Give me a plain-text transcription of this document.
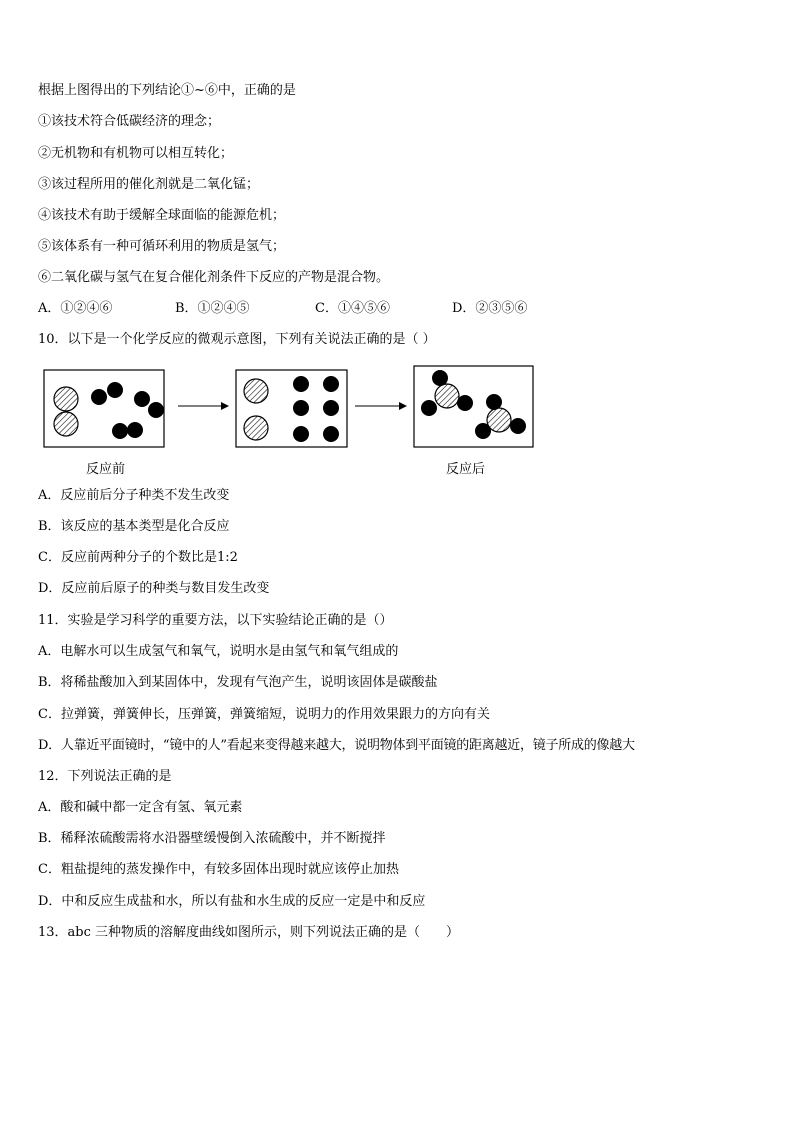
根据上图得出的下列结论①~⑥中，正确的是
①该技术符合低碳经济的理念；
②无机物和有机物可以相互转化；
③该过程所用的催化剂就是二氧化锰；
④该技术有助于缓解全球面临的能源危机；
⑤该体系有一种可循环利用的物质是氢气；
⑥二氧化碳与氢气在复合催化剂条件下反应的产物是混合物。
A．①②④⑥	B．①②④⑤	C．①④⑤⑥	D．②③⑤⑥
10．以下是一个化学反应的微观示意图，下列有关说法正确的是（ ）
反应前	反应后
A．反应前后分子种类不发生改变
B．该反应的基本类型是化合反应
C．反应前两种分子的个数比是1:2
D．反应前后原子的种类与数目发生改变
11．实验是学习科学的重要方法，以下实验结论正确的是（）
A．电解水可以生成氢气和氧气，说明水是由氢气和氧气组成的
B．将稀盐酸加入到某固体中，发现有气泡产生，说明该固体是碳酸盐
C．拉弹簧，弹簧伸长，压弹簧，弹簧缩短，说明力的作用效果跟力的方向有关
D．人靠近平面镜时，“镜中的人”看起来变得越来越大，说明物体到平面镜的距离越近，镜子所成的像越大
12．下列说法正确的是
A．酸和碱中都一定含有氢、氧元素
B．稀释浓硫酸需将水沿器壁缓慢倒入浓硫酸中，并不断搅拌
C．粗盐提纯的蒸发操作中，有较多固体出现时就应该停止加热
D．中和反应生成盐和水，所以有盐和水生成的反应一定是中和反应
13．abc 三种物质的溶解度曲线如图所示，则下列说法正确的是（　　）
